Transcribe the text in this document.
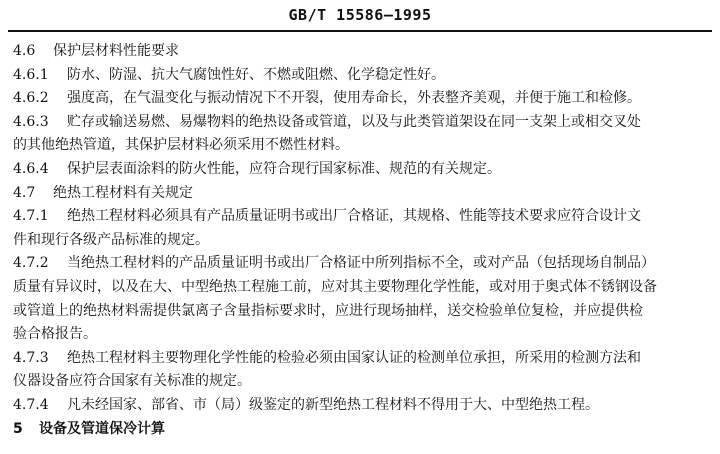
GB/T 15586—1995
4.6 保护层材料性能要求
4.6.1 防水、防湿、抗大气腐蚀性好、不燃或阻燃、化学稳定性好。
4.6.2 强度高，在气温变化与振动情况下不开裂，使用寿命长，外表整齐美观，并便于施工和检修。
4.6.3 贮存或输送易燃、易爆物料的绝热设备或管道，以及与此类管道架设在同一支架上或相交叉处
的其他绝热管道，其保护层材料必须采用不燃性材料。
4.6.4 保护层表面涂料的防火性能，应符合现行国家标准、规范的有关规定。
4.7 绝热工程材料有关规定
4.7.1 绝热工程材料必须具有产品质量证明书或出厂合格证，其规格、性能等技术要求应符合设计文
件和现行各级产品标准的规定。
4.7.2 当绝热工程材料的产品质量证明书或出厂合格证中所列指标不全，或对产品（包括现场自制品）
质量有异议时，以及在大、中型绝热工程施工前，应对其主要物理化学性能，或对用于奥式体不锈钢设备
或管道上的绝热材料需提供氯离子含量指标要求时，应进行现场抽样，送交检验单位复检，并应提供检
验合格报告。
4.7.3 绝热工程材料主要物理化学性能的检验必须由国家认证的检测单位承担，所采用的检测方法和
仪器设备应符合国家有关标准的规定。
4.7.4 凡未经国家、部省、市（局）级鉴定的新型绝热工程材料不得用于大、中型绝热工程。
5 设备及管道保冷计算
